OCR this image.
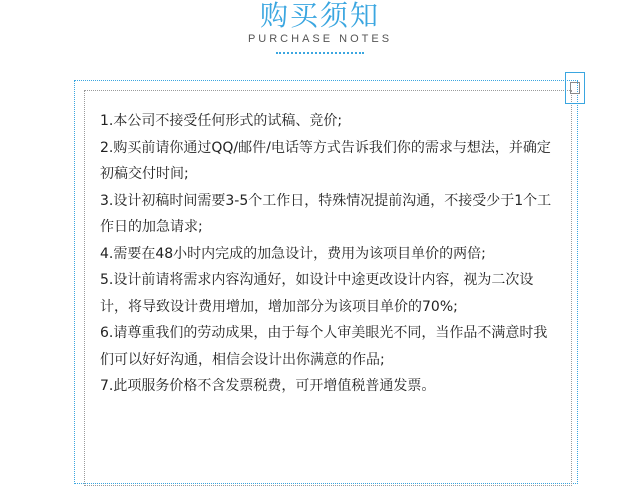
购买须知
PURCHASE NOTES
1.本公司不接受任何形式的试稿、竞价;
2.购买前请你通过QQ/邮件/电话等方式告诉我们你的需求与想法，并确定初稿交付时间;
3.设计初稿时间需要3-5个工作日，特殊情况提前沟通，不接受少于1个工作日的加急请求;
4.需要在48小时内完成的加急设计，费用为该项目单价的两倍;
5.设计前请将需求内容沟通好，如设计中途更改设计内容，视为二次设计，将导致设计费用增加，增加部分为该项目单价的70%;
6.请尊重我们的劳动成果，由于每个人审美眼光不同，当作品不满意时我们可以好好沟通，相信会设计出你满意的作品;
7.此项服务价格不含发票税费，可开增值税普通发票。
